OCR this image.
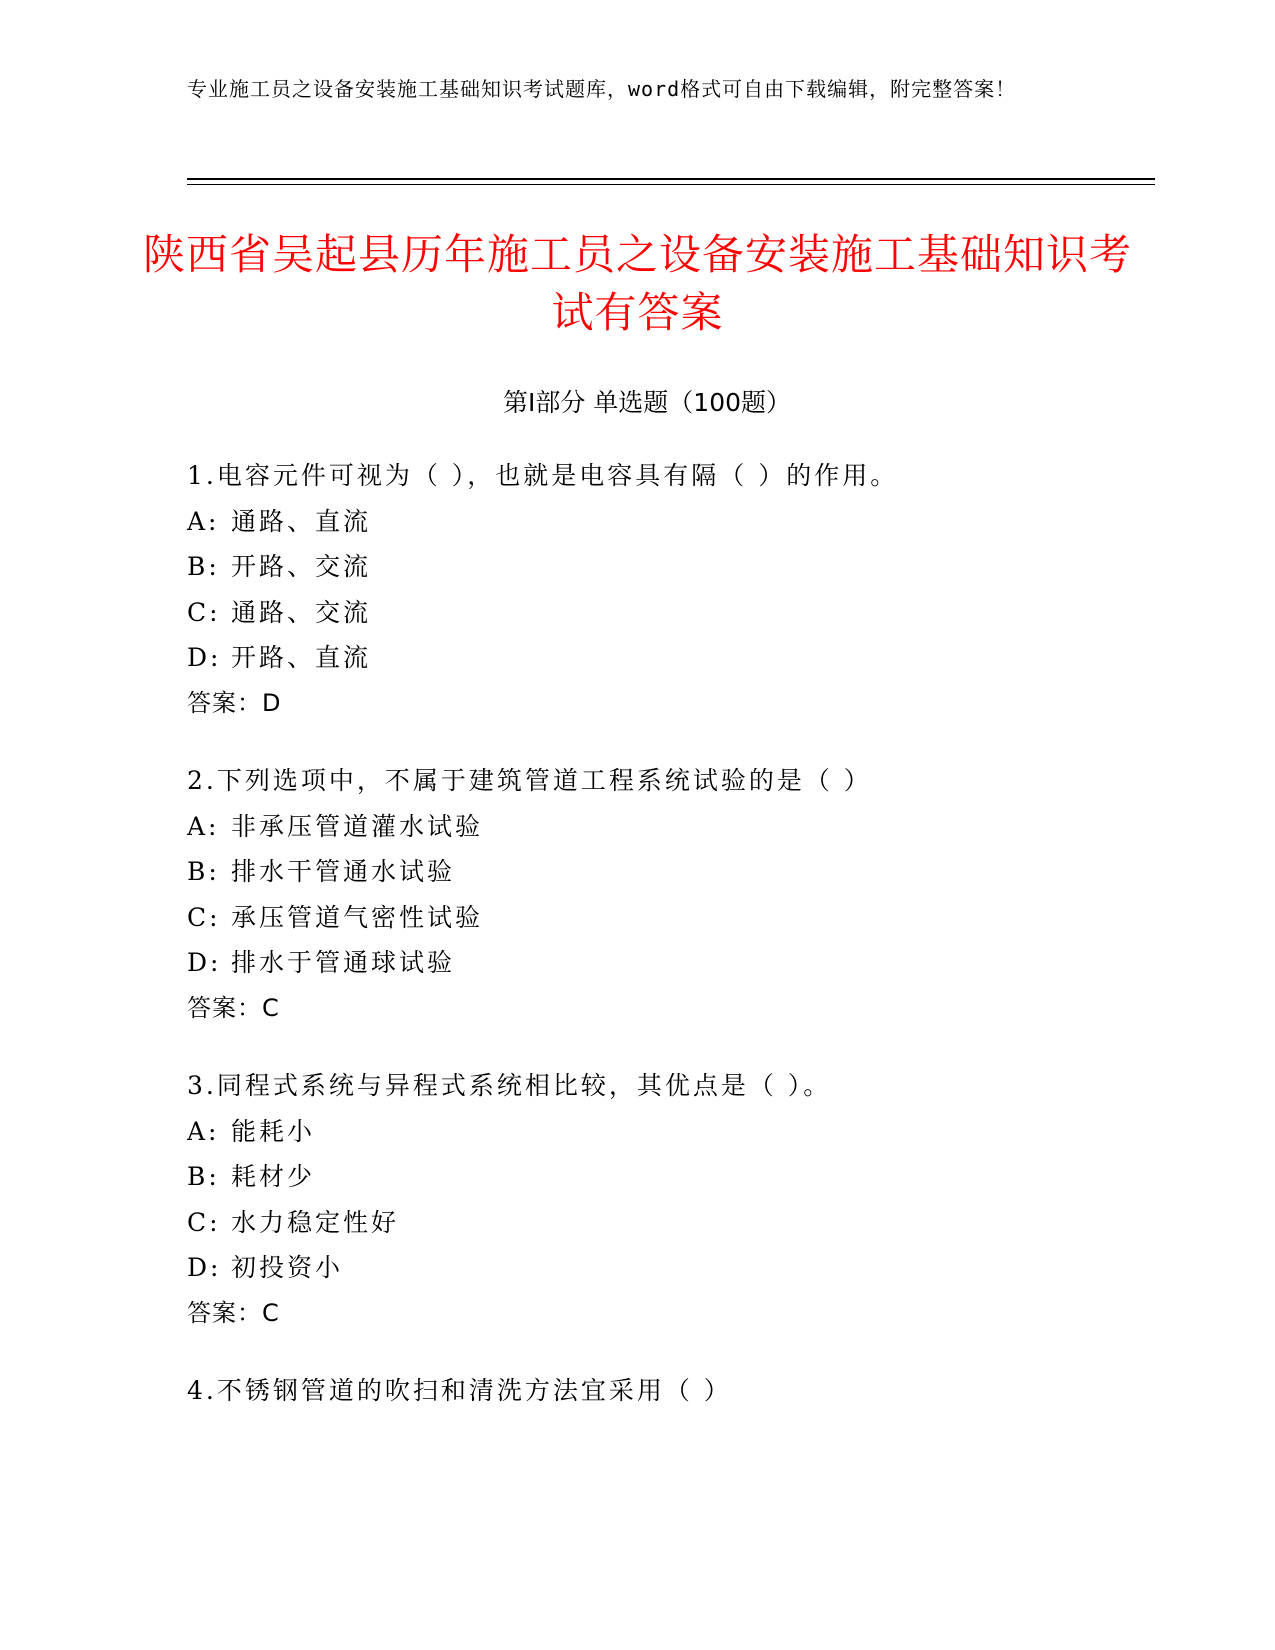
专业施工员之设备安装施工基础知识考试题库，word格式可自由下载编辑，附完整答案！
陕西省吴起县历年施工员之设备安装施工基础知识考试有答案
第Ⅰ部分 单选题（100题）
1.电容元件可视为（ ），也就是电容具有隔（ ）的作用。
A: 通路、直流
B: 开路、交流
C: 通路、交流
D: 开路、直流
答案：D
2.下列选项中，不属于建筑管道工程系统试验的是（ ）
A: 非承压管道灌水试验
B: 排水干管通水试验
C: 承压管道气密性试验
D: 排水于管通球试验
答案：C
3.同程式系统与异程式系统相比较，其优点是（ ）。
A: 能耗小
B: 耗材少
C: 水力稳定性好
D: 初投资小
答案：C
4.不锈钢管道的吹扫和清洗方法宜采用（ ）
